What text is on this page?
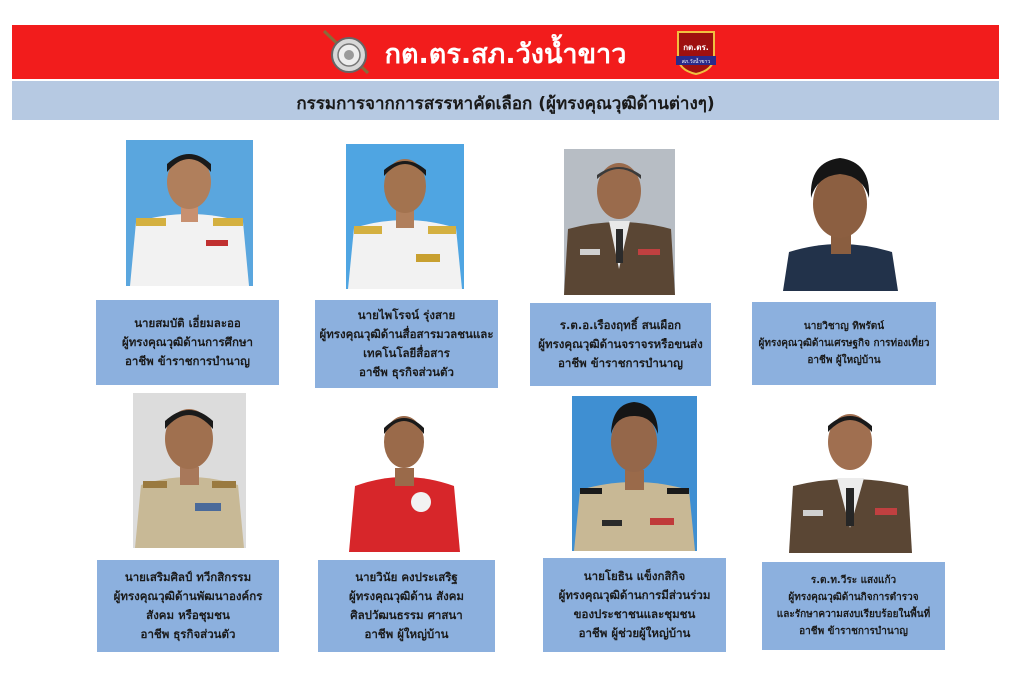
กต.ตร.สภ.วังน้ำขาว	กต.ตร.
สภ.วังน้ำขาว
กรรมการจากการสรรหาคัดเลือก (ผู้ทรงคุณวุฒิด้านต่างๆ)
นายสมบัติ เอี่ยมละออ
ผู้ทรงคุณวุฒิด้านการศึกษา
อาชีพ ข้าราชการบำนาญ
นายไพโรจน์ รุ่งสาย
ผู้ทรงคุณวุฒิด้านสื่อสารมวลชนและ
เทคโนโลยีสื่อสาร
อาชีพ ธุรกิจส่วนตัว
ร.ต.อ.เรืองฤทธิ์ สนเผือก
ผู้ทรงคุณวุฒิด้านจราจรหรือขนส่ง
อาชีพ ข้าราชการบำนาญ
นายวิชาญ ทิพรัตน์
ผู้ทรงคุณวุฒิด้านเศรษฐกิจ การท่องเที่ยว
อาชีพ ผู้ใหญ่บ้าน
นายเสริมศิลป์ ทวีกสิกรรม
ผู้ทรงคุณวุฒิด้านพัฒนาองค์กร
สังคม หรือชุมชน
อาชีพ ธุรกิจส่วนตัว
นายวินัย คงประเสริฐ
ผู้ทรงคุณวุฒิด้าน สังคม
ศิลปวัฒนธรรม ศาสนา
อาชีพ ผู้ใหญ่บ้าน
นายโยธิน แข็งกสิกิจ
ผู้ทรงคุณวุฒิด้านการมีส่วนร่วม
ของประชาชนและชุมชน
อาชีพ ผู้ช่วยผู้ใหญ่บ้าน
ร.ต.ท.วีระ แสงแก้ว
ผู้ทรงคุณวุฒิด้านกิจการตำรวจ
และรักษาความสงบเรียบร้อยในพื้นที่
อาชีพ ข้าราชการบำนาญ
